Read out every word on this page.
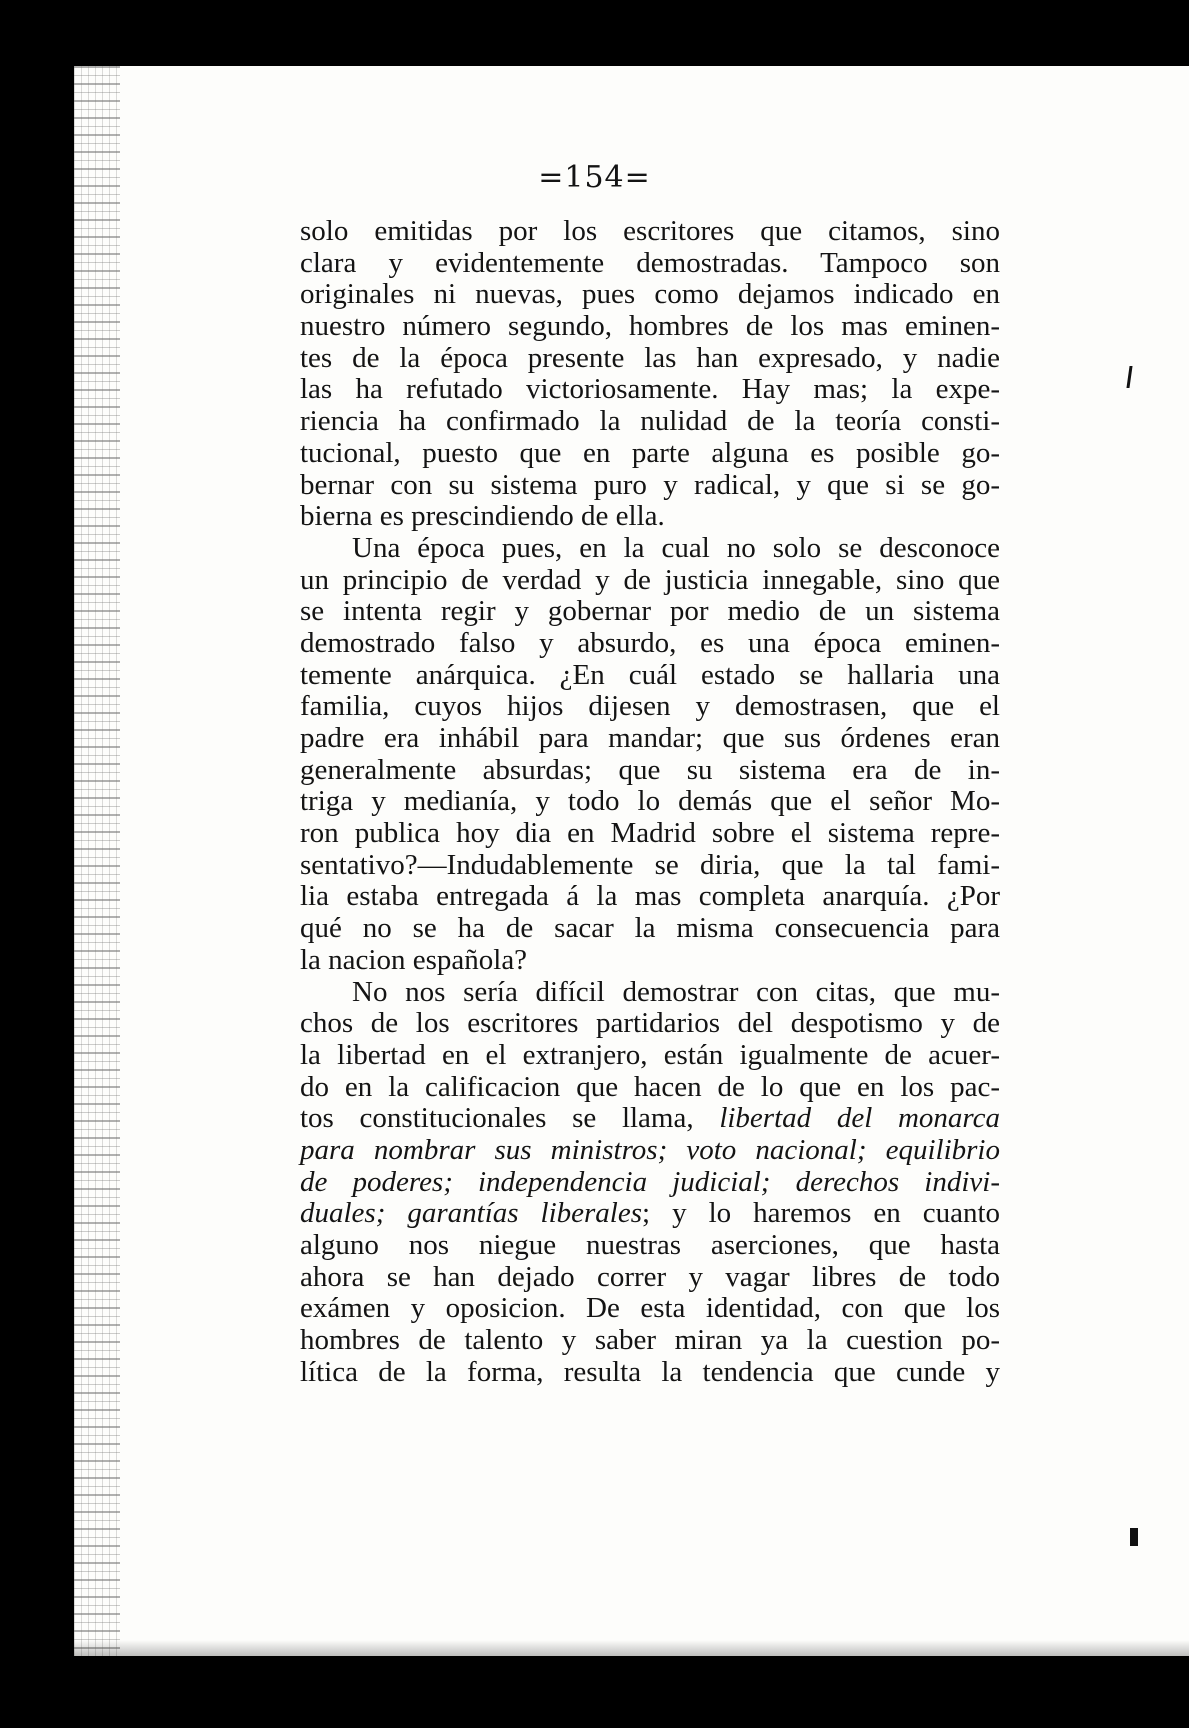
=154=
solo emitidas por los escritores que citamos, sino
clara y evidentemente demostradas. Tampoco son
originales ni nuevas, pues como dejamos indicado en
nuestro número segundo, hombres de los mas eminen-
tes de la época presente las han expresado, y nadie
las ha refutado victoriosamente. Hay mas; la expe-
riencia ha confirmado la nulidad de la teoría consti-
tucional, puesto que en parte alguna es posible go-
bernar con su sistema puro y radical, y que si se go-
bierna es prescindiendo de ella.
Una época pues, en la cual no solo se desconoce
un principio de verdad y de justicia innegable, sino que
se intenta regir y gobernar por medio de un sistema
demostrado falso y absurdo, es una época eminen-
temente anárquica. ¿En cuál estado se hallaria una
familia, cuyos hijos dijesen y demostrasen, que el
padre era inhábil para mandar; que sus órdenes eran
generalmente absurdas; que su sistema era de in-
triga y medianía, y todo lo demás que el señor Mo-
ron publica hoy dia en Madrid sobre el sistema repre-
sentativo?—Indudablemente se diria, que la tal fami-
lia estaba entregada á la mas completa anarquía. ¿Por
qué no se ha de sacar la misma consecuencia para
la nacion española?
No nos sería difícil demostrar con citas, que mu-
chos de los escritores partidarios del despotismo y de
la libertad en el extranjero, están igualmente de acuer-
do en la calificacion que hacen de lo que en los pac-
tos constitucionales se llama, libertad del monarca
para nombrar sus ministros; voto nacional; equilibrio
de poderes; independencia judicial; derechos indivi-
duales; garantías liberales; y lo haremos en cuanto
alguno nos niegue nuestras aserciones, que hasta
ahora se han dejado correr y vagar libres de todo
exámen y oposicion. De esta identidad, con que los
hombres de talento y saber miran ya la cuestion po-
lítica de la forma, resulta la tendencia que cunde y
